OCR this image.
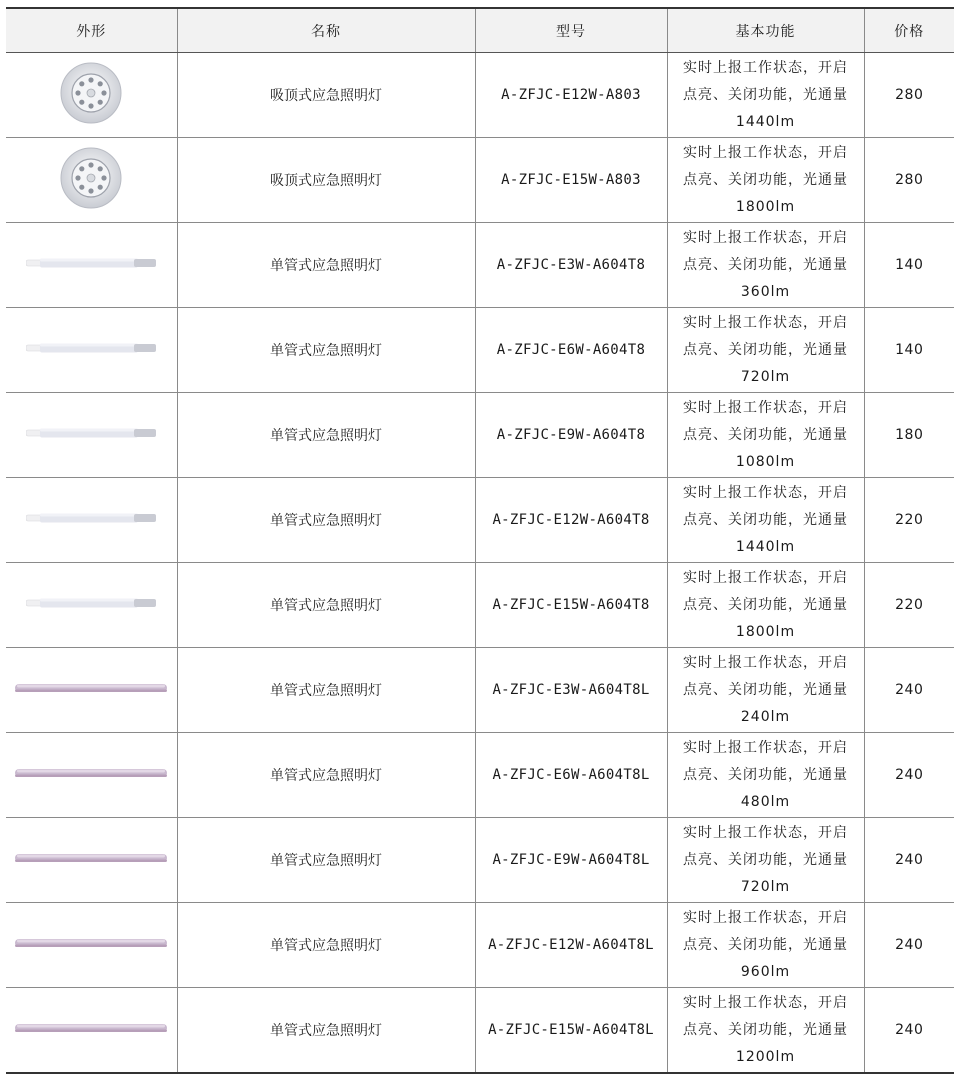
外形	名称	型号	基本功能	价格

	吸顶式应急照明灯	A-ZFJC-E12W-A803	实时上报工作状态，开启点亮、关闭功能，光通量1440lm	280

	吸顶式应急照明灯	A-ZFJC-E15W-A803	实时上报工作状态，开启点亮、关闭功能，光通量1800lm	280

	单管式应急照明灯	A-ZFJC-E3W-A604T8	实时上报工作状态，开启点亮、关闭功能，光通量360lm	140

	单管式应急照明灯	A-ZFJC-E6W-A604T8	实时上报工作状态，开启点亮、关闭功能，光通量720lm	140

	单管式应急照明灯	A-ZFJC-E9W-A604T8	实时上报工作状态，开启点亮、关闭功能，光通量1080lm	180

	单管式应急照明灯	A-ZFJC-E12W-A604T8	实时上报工作状态，开启点亮、关闭功能，光通量1440lm	220

	单管式应急照明灯	A-ZFJC-E15W-A604T8	实时上报工作状态，开启点亮、关闭功能，光通量1800lm	220

	单管式应急照明灯	A-ZFJC-E3W-A604T8L	实时上报工作状态，开启点亮、关闭功能，光通量240lm	240

	单管式应急照明灯	A-ZFJC-E6W-A604T8L	实时上报工作状态，开启点亮、关闭功能，光通量480lm	240

	单管式应急照明灯	A-ZFJC-E9W-A604T8L	实时上报工作状态，开启点亮、关闭功能，光通量720lm	240

	单管式应急照明灯	A-ZFJC-E12W-A604T8L	实时上报工作状态，开启点亮、关闭功能，光通量960lm	240

	单管式应急照明灯	A-ZFJC-E15W-A604T8L	实时上报工作状态，开启点亮、关闭功能，光通量1200lm	240
